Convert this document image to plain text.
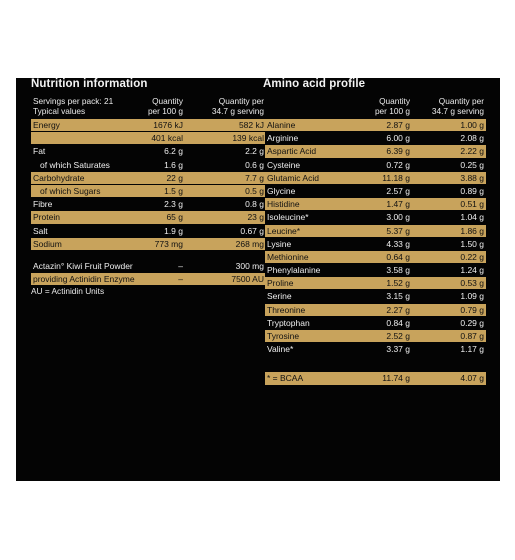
Nutrition information
Servings per pack: 21
Typical values
Quantity
per 100 g
Quantity per
34.7 g serving
Energy	1676 kJ	582 kJ
401 kcal	139 kcal
Fat	6.2 g	2.2 g
of which Saturates	1.6 g	0.6 g
Carbohydrate	22 g	7.7 g
of which Sugars	1.5 g	0.5 g
Fibre	2.3 g	0.8 g
Protein	65 g	23 g
Salt	1.9 g	0.67 g
Sodium	773 mg	268 mg
Actazin° Kiwi Fruit Powder	–	300 mg
providing Actinidin Enzyme	–	7500 AU
AU = Actinidin Units
Amino acid profile
Quantity
per 100 g
Quantity per
34.7 g serving
Alanine	2.87 g	1.00 g
Arginine	6.00 g	2.08 g
Aspartic Acid	6.39 g	2.22 g
Cysteine	0.72 g	0.25 g
Glutamic Acid	11.18 g	3.88 g
Glycine	2.57 g	0.89 g
Histidine	1.47 g	0.51 g
Isoleucine*	3.00 g	1.04 g
Leucine*	5.37 g	1.86 g
Lysine	4.33 g	1.50 g
Methionine	0.64 g	0.22 g
Phenylalanine	3.58 g	1.24 g
Proline	1.52 g	0.53 g
Serine	3.15 g	1.09 g
Threonine	2.27 g	0.79 g
Tryptophan	0.84 g	0.29 g
Tyrosine	2.52 g	0.87 g
Valine*	3.37 g	1.17 g
* = BCAA	11.74 g	4.07 g
